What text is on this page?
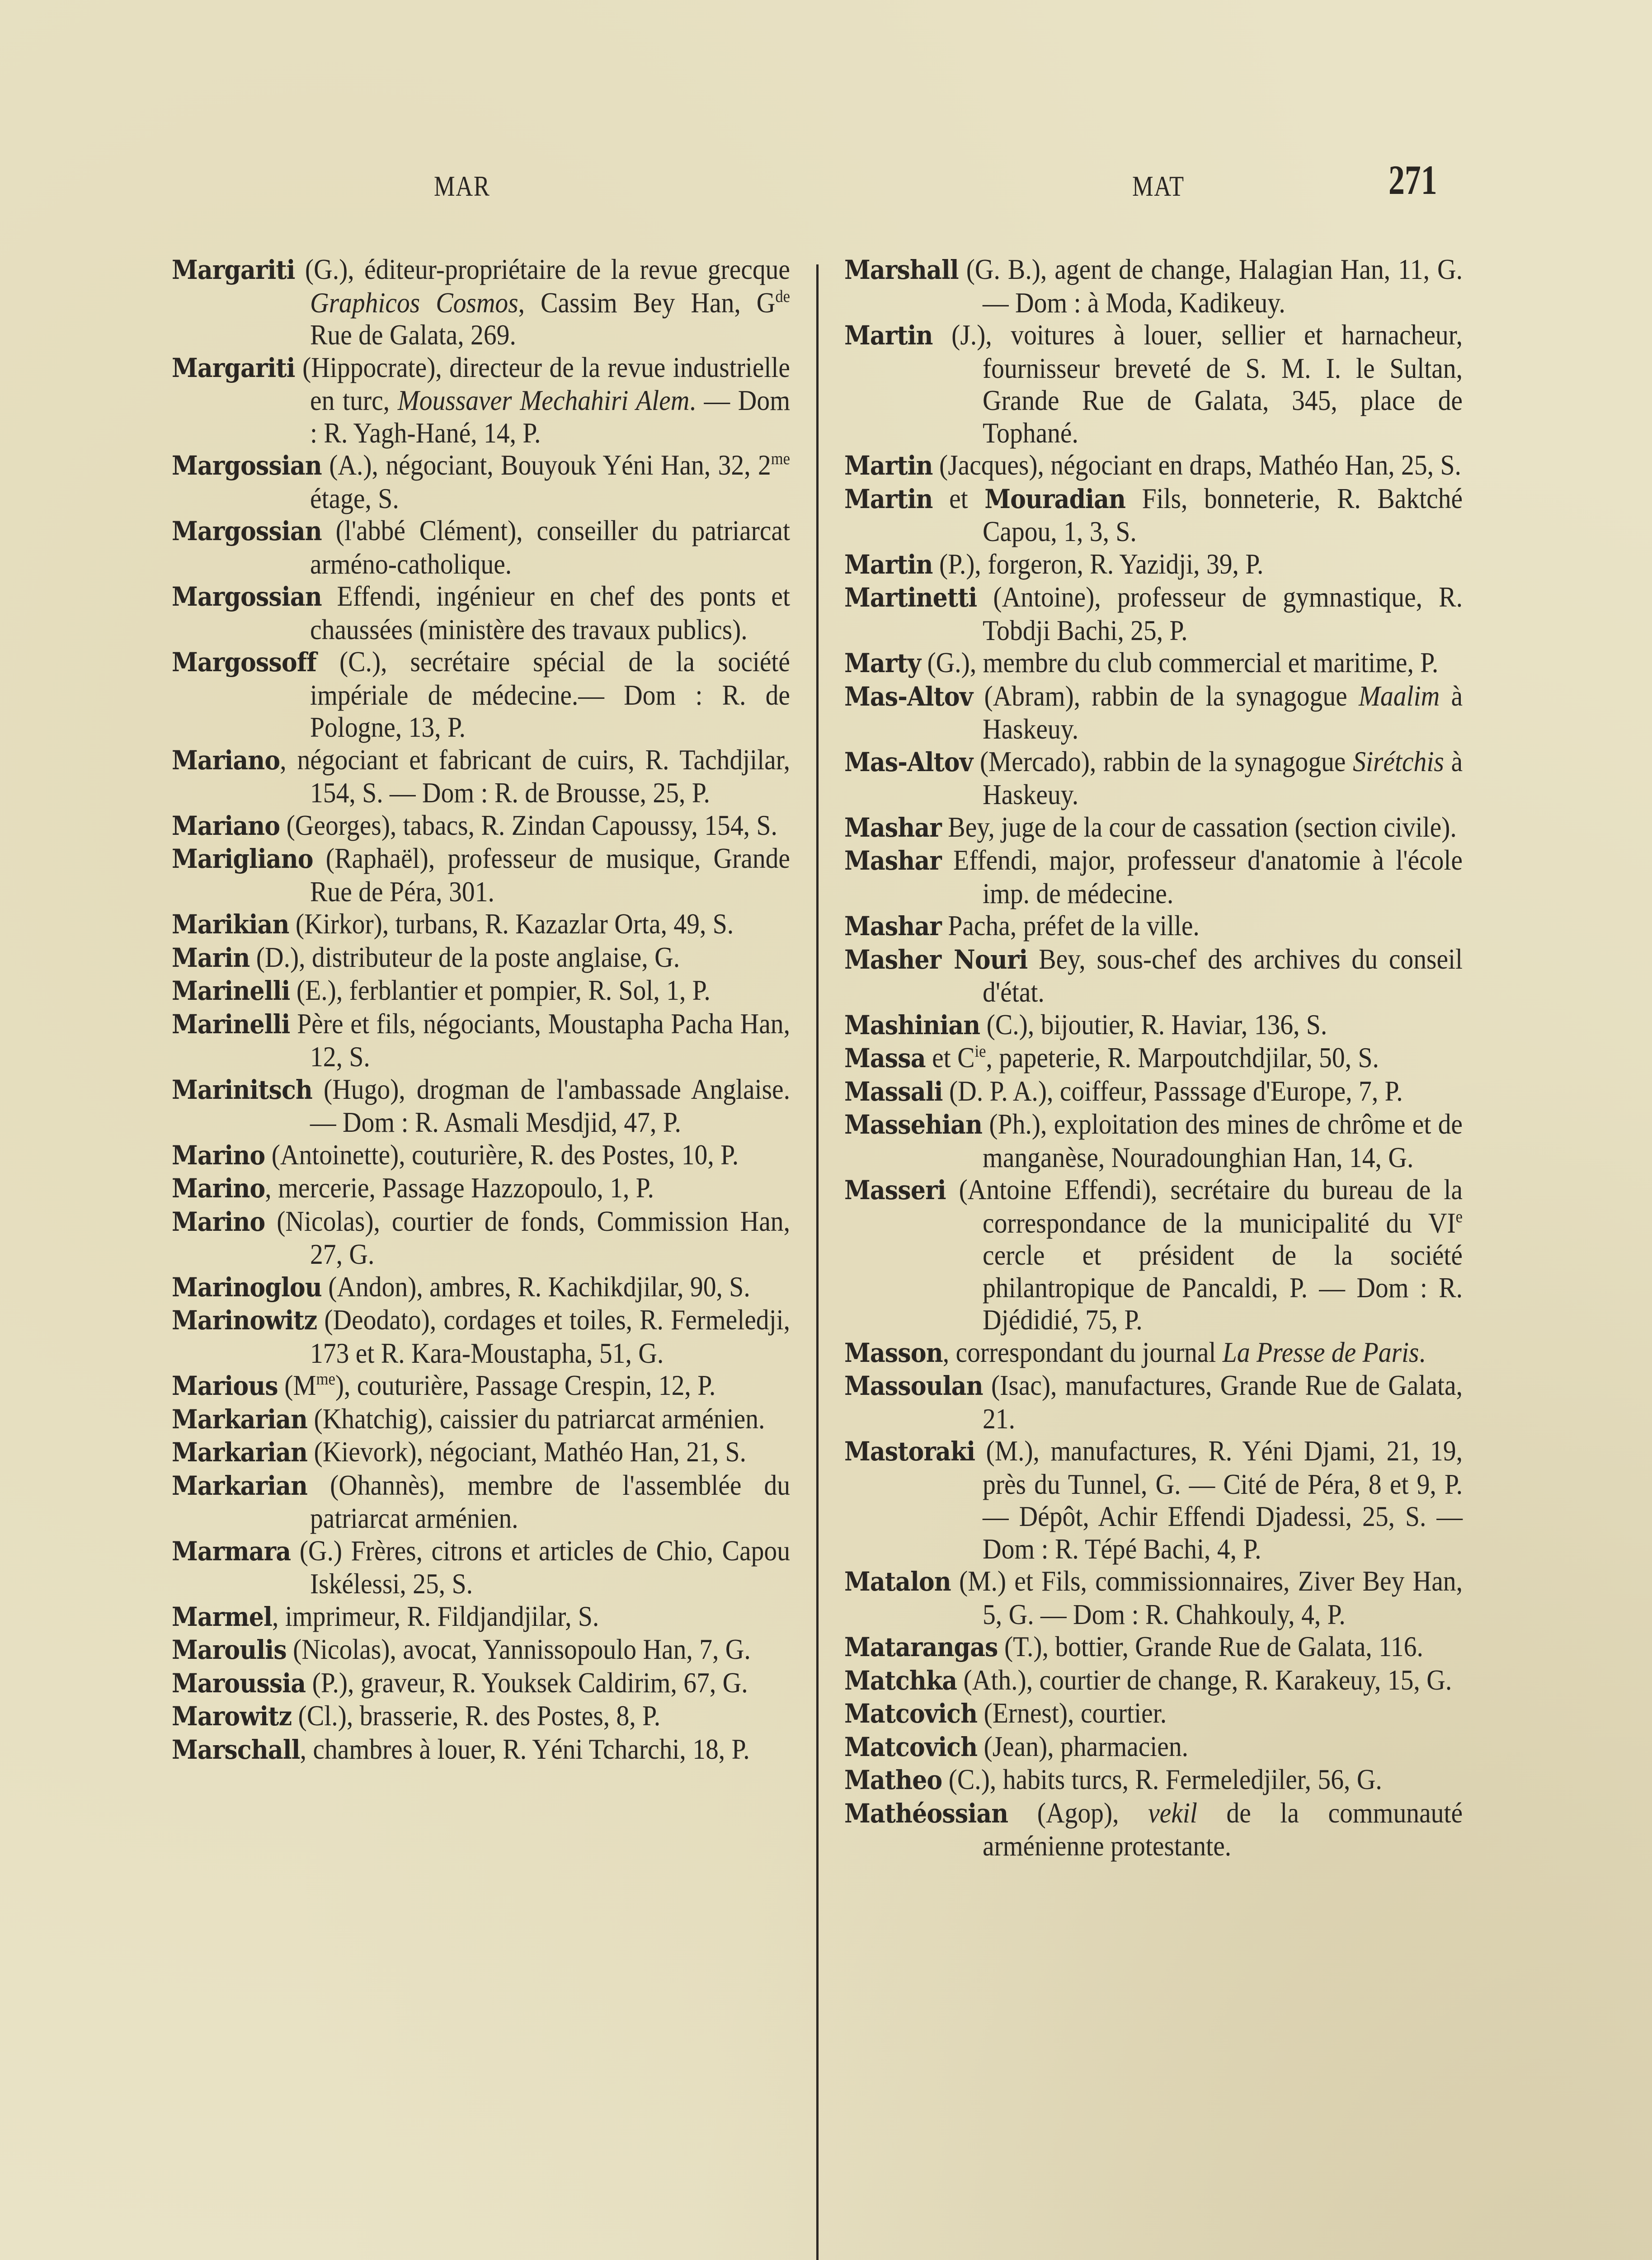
MAR	MAT	271

Margariti (G.), éditeur-propriétaire de la revue grecque Graphicos Cosmos, Cassim Bey Han, $G^{de}$ Rue de Galata, 269.

Margariti (Hippocrate), directeur de la revue industrielle en turc, Moussaver Mechahiri Alem. — Dom : R. Yagh-Hané, 14, P.

Margossian (A.), négociant, Bouyouk Yéni Han, 32, $2^{me}$ étage, S.

Margossian (l'abbé Clément), conseiller du patriarcat arméno-catholique.

Margossian Effendi, ingénieur en chef des ponts et chaussées (ministère des travaux publics).

Margossoff (C.), secrétaire spécial de la société impériale de médecine.— Dom : R. de Pologne, 13, P.

Mariano, négociant et fabricant de cuirs, R. Tachdjilar, 154, S. — Dom : R. de Brousse, 25, P.

Mariano (Georges), tabacs, R. Zindan Capoussy, 154, S.

Marigliano (Raphaël), professeur de musique, Grande Rue de Péra, 301.

Marikian (Kirkor), turbans, R. Kazazlar Orta, 49, S.

Marin (D.), distributeur de la poste anglaise, G.

Marinelli (E.), ferblantier et pompier, R. Sol, 1, P.

Marinelli Père et fils, négociants, Moustapha Pacha Han, 12, S.

Marinitsch (Hugo), drogman de l'ambassade Anglaise. — Dom : R. Asmali Mesdjid, 47, P.

Marino (Antoinette), couturière, R. des Postes, 10, P.

Marino, mercerie, Passage Hazzopoulo, 1, P.

Marino (Nicolas), courtier de fonds, Commission Han, 27, G.

Marinoglou (Andon), ambres, R. Kachikdjilar, 90, S.

Marinowitz (Deodato), cordages et toiles, R. Fermeledji, 173 et R. Kara-Moustapha, 51, G.

Marious $(M^{me})$, couturière, Passage Crespin, 12, P.

Markarian (Khatchig), caissier du patriarcat arménien.

Markarian (Kievork), négociant, Mathéo Han, 21, S.

Markarian (Ohannès), membre de l'assemblée du patriarcat arménien.

Marmara (G.) Frères, citrons et articles de Chio, Capou Iskélessi, 25, S.

Marmel, imprimeur, R. Fildjandjilar, S.

Maroulis (Nicolas), avocat, Yannissopoulo Han, 7, G.

Maroussia (P.), graveur, R. Youksek Caldirim, 67, G.

Marowitz (Cl.), brasserie, R. des Postes, 8, P.

Marschall, chambres à louer, R. Yéni Tcharchi, 18, P.

Marshall (G. B.), agent de change, Halagian Han, 11, G. — Dom : à Moda, Kadikeuy.

Martin (J.), voitures à louer, sellier et harnacheur, fournisseur breveté de S. M. I. le Sultan, Grande Rue de Galata, 345, place de Tophané.

Martin (Jacques), négociant en draps, Mathéo Han, 25, S.

Martin et Mouradian Fils, bonneterie, R. Baktché Capou, 1, 3, S.

Martin (P.), forgeron, R. Yazidji, 39, P.

Martinetti (Antoine), professeur de gymnastique, R. Tobdji Bachi, 25, P.

Marty (G.), membre du club commercial et maritime, P.

Mas-Altov (Abram), rabbin de la synagogue Maalim à Haskeuy.

Mas-Altov (Mercado), rabbin de la synagogue Sirétchis à Haskeuy.

Mashar Bey, juge de la cour de cassation (section civile).

Mashar Effendi, major, professeur d'anatomie à l'école imp. de médecine.

Mashar Pacha, préfet de la ville.

Masher Nouri Bey, sous-chef des archives du conseil d'état.

Mashinian (C.), bijoutier, R. Haviar, 136, S.

Massa et $C^{ie}$, papeterie, R. Marpoutchdjilar, 50, S.

Massali (D. P. A.), coiffeur, Passsage d'Europe, 7, P.

Massehian (Ph.), exploitation des mines de chrôme et de manganèse, Nouradounghian Han, 14, G.

Masseri (Antoine Effendi), secrétaire du bureau de la correspondance de la municipalité du VIe cercle et président de la société philantropique de Pancaldi, P. — Dom : R. Djédidié, 75, P.

Masson, correspondant du journal La Presse de Paris.

Massoulan (Isac), manufactures, Grande Rue de Galata, 21.

Mastoraki (M.), manufactures, R. Yéni Djami, 21, 19, près du Tunnel, G. — Cité de Péra, 8 et 9, P. — Dépôt, Achir Effendi Djadessi, 25, S. — Dom : R. Tépé Bachi, 4, P.

Matalon (M.) et Fils, commissionnaires, Ziver Bey Han, 5, G. — Dom : R. Chahkouly, 4, P.

Matarangas (T.), bottier, Grande Rue de Galata, 116.

Matchka (Ath.), courtier de change, R. Karakeuy, 15, G.

Matcovich (Ernest), courtier.

Matcovich (Jean), pharmacien.

Matheo (C.), habits turcs, R. Fermeledjiler, 56, G.

Mathéossian (Agop), vekil de la communauté arménienne protestante.
